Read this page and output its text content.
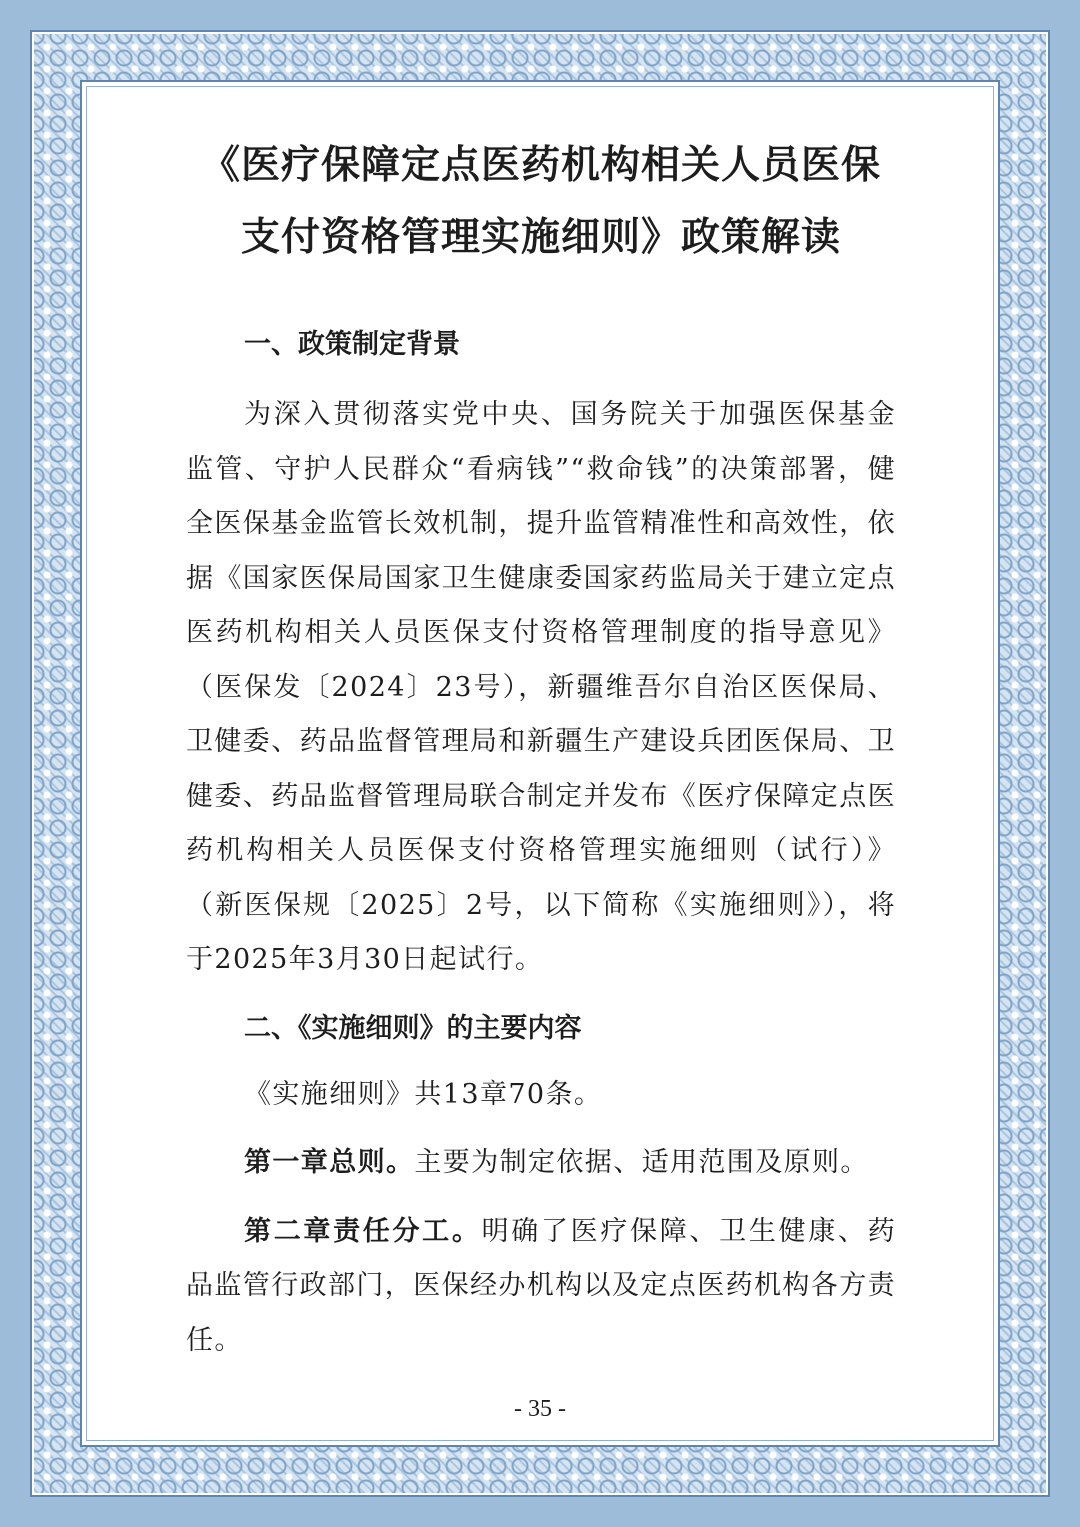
《医疗保障定点医药机构相关人员医保
支付资格管理实施细则》政策解读
一、政策制定背景

为深入贯彻落实党中央、国务院关于加强医保基金监管、守护人民群众“看病钱”“救命钱”的决策部署，健全医保基金监管长效机制，提升监管精准性和高效性，依据《国家医保局国家卫生健康委国家药监局关于建立定点医药机构相关人员医保支付资格管理制度的指导意见》（医保发〔2024〕23号），新疆维吾尔自治区医保局、卫健委、药品监督管理局和新疆生产建设兵团医保局、卫健委、药品监督管理局联合制定并发布《医疗保障定点医药机构相关人员医保支付资格管理实施细则（试行）》（新医保规〔2025〕2号，以下简称《实施细则》），将于2025年3月30日起试行。

二、《实施细则》的主要内容

《实施细则》共13章70条。

第一章总则。主要为制定依据、适用范围及原则。

第二章责任分工。明确了医疗保障、卫生健康、药品监管行政部门，医保经办机构以及定点医药机构各方责任。

- 35 -
